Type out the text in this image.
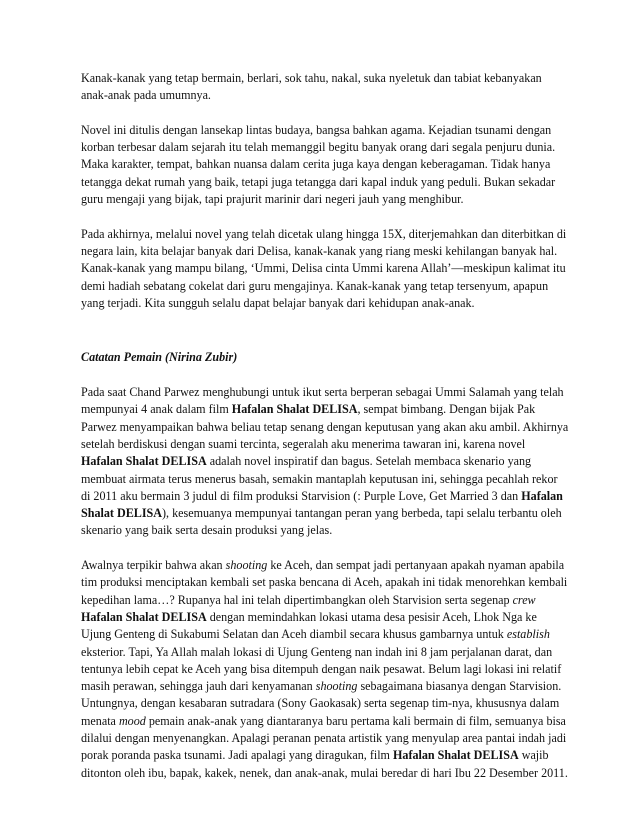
Kanak-kanak yang tetap bermain, berlari, sok tahu, nakal, suka nyeletuk dan tabiat kebanyakan anak-anak pada umumnya.

Novel ini ditulis dengan lansekap lintas budaya, bangsa bahkan agama. Kejadian tsunami dengan korban terbesar dalam sejarah itu telah memanggil begitu banyak orang dari segala penjuru dunia. Maka karakter, tempat, bahkan nuansa dalam cerita juga kaya dengan keberagaman. Tidak hanya tetangga dekat rumah yang baik, tetapi juga tetangga dari kapal induk yang peduli. Bukan sekadar guru mengaji yang bijak, tapi prajurit marinir dari negeri jauh yang menghibur.

Pada akhirnya, melalui novel yang telah dicetak ulang hingga 15X, diterjemahkan dan diterbitkan di negara lain, kita belajar banyak dari Delisa, kanak-kanak yang riang meski kehilangan banyak hal. Kanak-kanak yang mampu bilang, ‘Ummi, Delisa cinta Ummi karena Allah’—meskipun kalimat itu demi hadiah sebatang cokelat dari guru mengajinya. Kanak-kanak yang tetap tersenyum, apapun yang terjadi. Kita sungguh selalu dapat belajar banyak dari kehidupan anak-anak.

Catatan Pemain (Nirina Zubir)

Pada saat Chand Parwez menghubungi untuk ikut serta berperan sebagai Ummi Salamah yang telah mempunyai 4 anak dalam film Hafalan Shalat DELISA, sempat bimbang. Dengan bijak Pak Parwez menyampaikan bahwa beliau tetap senang dengan keputusan yang akan aku ambil. Akhirnya setelah berdiskusi dengan suami tercinta, segeralah aku menerima tawaran ini, karena novel Hafalan Shalat DELISA adalah novel inspiratif dan bagus. Setelah membaca skenario yang membuat airmata terus menerus basah, semakin mantaplah keputusan ini, sehingga pecahlah rekor di 2011 aku bermain 3 judul di film produksi Starvision (: Purple Love, Get Married 3 dan Hafalan Shalat DELISA), kesemuanya mempunyai tantangan peran yang berbeda, tapi selalu terbantu oleh skenario yang baik serta desain produksi yang jelas.

Awalnya terpikir bahwa akan shooting ke Aceh, dan sempat jadi pertanyaan apakah nyaman apabila tim produksi menciptakan kembali set paska bencana di Aceh, apakah ini tidak menorehkan kembali kepedihan lama…? Rupanya hal ini telah dipertimbangkan oleh Starvision serta segenap crew Hafalan Shalat DELISA dengan memindahkan lokasi utama desa pesisir Aceh, Lhok Nga ke Ujung Genteng di Sukabumi Selatan dan Aceh diambil secara khusus gambarnya untuk establish eksterior. Tapi, Ya Allah malah lokasi di Ujung Genteng nan indah ini 8 jam perjalanan darat, dan tentunya lebih cepat ke Aceh yang bisa ditempuh dengan naik pesawat. Belum lagi lokasi ini relatif masih perawan, sehingga jauh dari kenyamanan shooting sebagaimana biasanya dengan Starvision. Untungnya, dengan kesabaran sutradara (Sony Gaokasak) serta segenap tim-nya, khususnya dalam menata mood pemain anak-anak yang diantaranya baru pertama kali bermain di film, semuanya bisa dilalui dengan menyenangkan. Apalagi peranan penata artistik yang menyulap area pantai indah jadi porak poranda paska tsunami. Jadi apalagi yang diragukan, film Hafalan Shalat DELISA wajib ditonton oleh ibu, bapak, kakek, nenek, dan anak-anak, mulai beredar di hari Ibu 22 Desember 2011.
